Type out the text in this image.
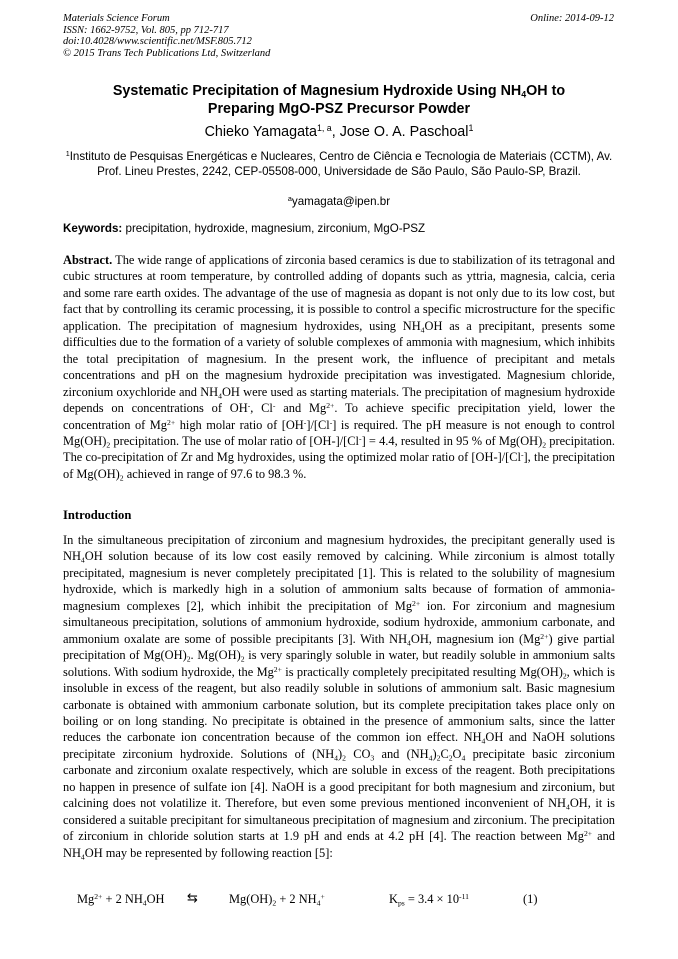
Materials Science Forum
ISSN: 1662-9752, Vol. 805, pp 712-717
doi:10.4028/www.scientific.net/MSF.805.712
© 2015 Trans Tech Publications Ltd, Switzerland
Online: 2014-09-12
Systematic Precipitation of Magnesium Hydroxide Using $NH_4OH$ to
Preparing MgO-PSZ Precursor Powder
Chieko Yamagata$^{1, a}$, Jose O. A. Paschoal$^1$
$^1$Instituto de Pesquisas Energéticas e Nucleares, Centro de Ciência e Tecnologia de Materiais (CCTM), Av. Prof. Lineu Prestes, 2242, CEP-05508-000, Universidade de São Paulo, São Paulo-SP, Brazil.
$^a$yamagata@ipen.br
Keywords: precipitation, hydroxide, magnesium, zirconium, MgO-PSZ
Abstract. The wide range of applications of zirconia based ceramics is due to stabilization of its tetragonal and cubic structures at room temperature, by controlled adding of dopants such as yttria, magnesia, calcia, ceria and some rare earth oxides. The advantage of the use of magnesia as dopant is not only due to its low cost, but fact that by controlling its ceramic processing, it is possible to control a specific microstructure for the specific application. The precipitation of magnesium hydroxides, using $NH_4OH$ as a precipitant, presents some difficulties due to the formation of a variety of soluble complexes of ammonia with magnesium, which inhibits the total precipitation of magnesium. In the present work, the influence of precipitant and metals concentrations and pH on the magnesium hydroxide precipitation was investigated. Magnesium chloride, zirconium oxychloride and $NH_4OH$ were used as starting materials. The precipitation of magnesium hydroxide depends on concentrations of OH-, Cl- and $Mg^{2+}$. To achieve specific precipitation yield, lower the concentration of $Mg^{2+}$ high molar ratio of [OH-]/[Cl-] is required. The pH measure is not enough to control $Mg(OH)_2$ precipitation. The use of molar ratio of [OH-]/[Cl-] = 4.4, resulted in 95 % of $Mg(OH)_2$ precipitation. The co-precipitation of Zr and Mg hydroxides, using the optimized molar ratio of [OH-]/[Cl-], the precipitation of $Mg(OH)_2$ achieved in range of 97.6 to 98.3 %.
Introduction
In the simultaneous precipitation of zirconium and magnesium hydroxides, the precipitant generally used is $NH_4OH$ solution because of its low cost easily removed by calcining. While zirconium is almost totally precipitated, magnesium is never completely precipitated [1]. This is related to the solubility of magnesium hydroxide, which is markedly high in a solution of ammonium salts because of formation of ammonia-magnesium complexes [2], which inhibit the precipitation of $Mg^{2+}$ ion. For zirconium and magnesium simultaneous precipitation, solutions of ammonium hydroxide, sodium hydroxide, ammonium carbonate, and ammonium oxalate are some of possible precipitants [3]. With $NH_4OH$, magnesium ion $(Mg^{2+})$ give partial precipitation of $Mg(OH)_2$. $Mg(OH)_2$ is very sparingly soluble in water, but readily soluble in ammonium salts solutions. With sodium hydroxide, the $Mg^{2+}$ is practically completely precipitated resulting $Mg(OH)_2$, which is insoluble in excess of the reagent, but also readily soluble in solutions of ammonium salt. Basic magnesium carbonate is obtained with ammonium carbonate solution, but its complete precipitation takes place only on boiling or on long standing. No precipitate is obtained in the presence of ammonium salts, since the latter reduces the carbonate ion concentration because of the common ion effect. $NH_4OH$ and NaOH solutions precipitate zirconium hydroxide. Solutions of $(NH_4)_2$ $CO_3$ and $(NH_4)_2C_2O_4$ precipitate basic zirconium carbonate and zirconium oxalate respectively, which are soluble in excess of the reagent. Both precipitations no happen in presence of sulfate ion [4]. NaOH is a good precipitant for both magnesium and zirconium, but calcining does not volatilize it. Therefore, but even some previous mentioned inconvenient of $NH_4OH$, it is considered a suitable precipitant for simultaneous precipitation of magnesium and zirconium. The precipitation of zirconium in chloride solution starts at 1.9 pH and ends at 4.2 pH [4]. The reaction between $Mg^{2+}$ and $NH_4OH$ may be represented by following reaction [5]:
$Mg^{2+} + 2$ $NH_4OH$ ⇆	$Mg(OH)_2 + 2$ $NH_4^+$	$K_{ps} = 3.4 \times 10^{-11}$	(1)
